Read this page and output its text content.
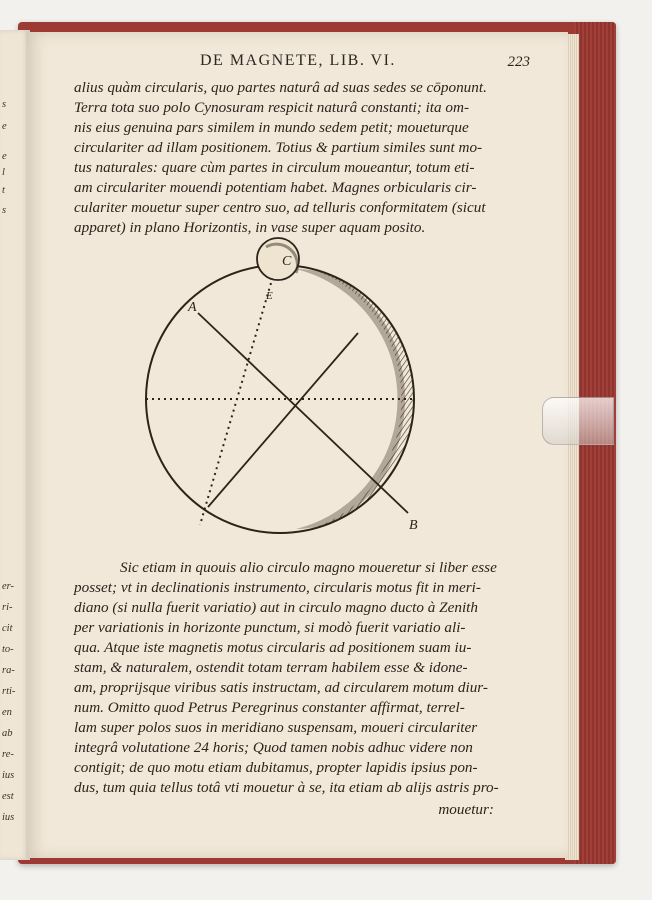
s
e
e
l
t
s
er-
ri-
cit
to-
ra-
rti-
en
ab
re-
ius
est
ius
DE MAGNETE, LIB. VI.	223
alius quàm circularis, quo partes naturâ ad suas sedes se cōponunt.
Terra tota suo polo Cynosuram respicit naturâ constanti; ita om-
nis eius genuina pars similem in mundo sedem petit; moueturque
circulariter ad illam positionem. Totius & partium similes sunt mo-
tus naturales: quare cùm partes in circulum moueantur, totum eti-
am circulariter mouendi potentiam habet. Magnes orbicularis cir-
culariter mouetur super centro suo, ad telluris conformitatem (sicut
apparet) in plano Horizontis, in vase super aquam posito.
A
B
C
E
Sic etiam in quouis alio circulo magno moueretur si liber esse
posset; vt in declinationis instrumento, circularis motus fit in meri-
diano (si nulla fuerit variatio) aut in circulo magno ducto à Zenith
per variationis in horizonte punctum, si modò fuerit variatio ali-
qua. Atque iste magnetis motus circularis ad positionem suam iu-
stam, & naturalem, ostendit totam terram habilem esse & idone-
am, proprijsque viribus satis instructam, ad circularem motum diur-
num. Omitto quod Petrus Peregrinus constanter affirmat, terrel-
lam super polos suos in meridiano suspensam, moueri circulariter
integrâ volutatione 24 horis; Quod tamen nobis adhuc videre non
contigit; de quo motu etiam dubitamus, propter lapidis ipsius pon-
dus, tum quia tellus totâ vti mouetur à se, ita etiam ab alijs astris pro-
mouetur:
